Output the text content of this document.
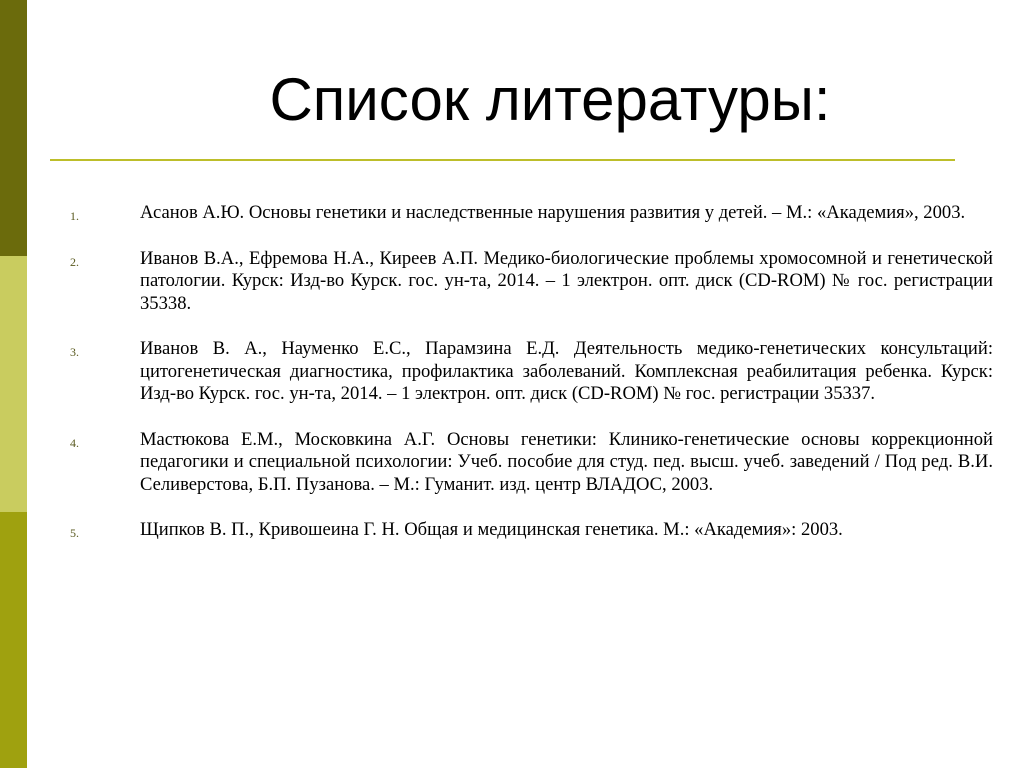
Список литературы:
1.	Асанов А.Ю. Основы генетики и наследственные нарушения развития у детей. – М.: «Академия», 2003.
2.	Иванов В.А., Ефремова Н.А., Киреев А.П. Медико-биологические проблемы хромосомной и генетической патологии. Курск: Изд-во Курск. гос. ун-та, 2014. – 1 электрон. опт. диск (CD-ROM) № гос. регистрации 35338.
3.	Иванов В. А., Науменко Е.С., Парамзина Е.Д. Деятельность медико-генетических консультаций: цитогенетическая диагностика, профилактика заболеваний. Комплексная реабилитация ребенка. Курск: Изд-во Курск. гос. ун-та, 2014. – 1 электрон. опт. диск (CD-ROM) № гос. регистрации 35337.
4.	Мастюкова Е.М., Московкина А.Г. Основы генетики: Клинико-генетические основы коррекционной педагогики и специальной психологии: Учеб. пособие для студ. пед. высш. учеб. заведений / Под ред. В.И. Селиверстова, Б.П. Пузанова. – М.: Гуманит. изд. центр ВЛАДОС, 2003.
5.	Щипков В. П., Кривошеина Г. Н. Общая и медицинская генетика. М.: «Академия»: 2003.
